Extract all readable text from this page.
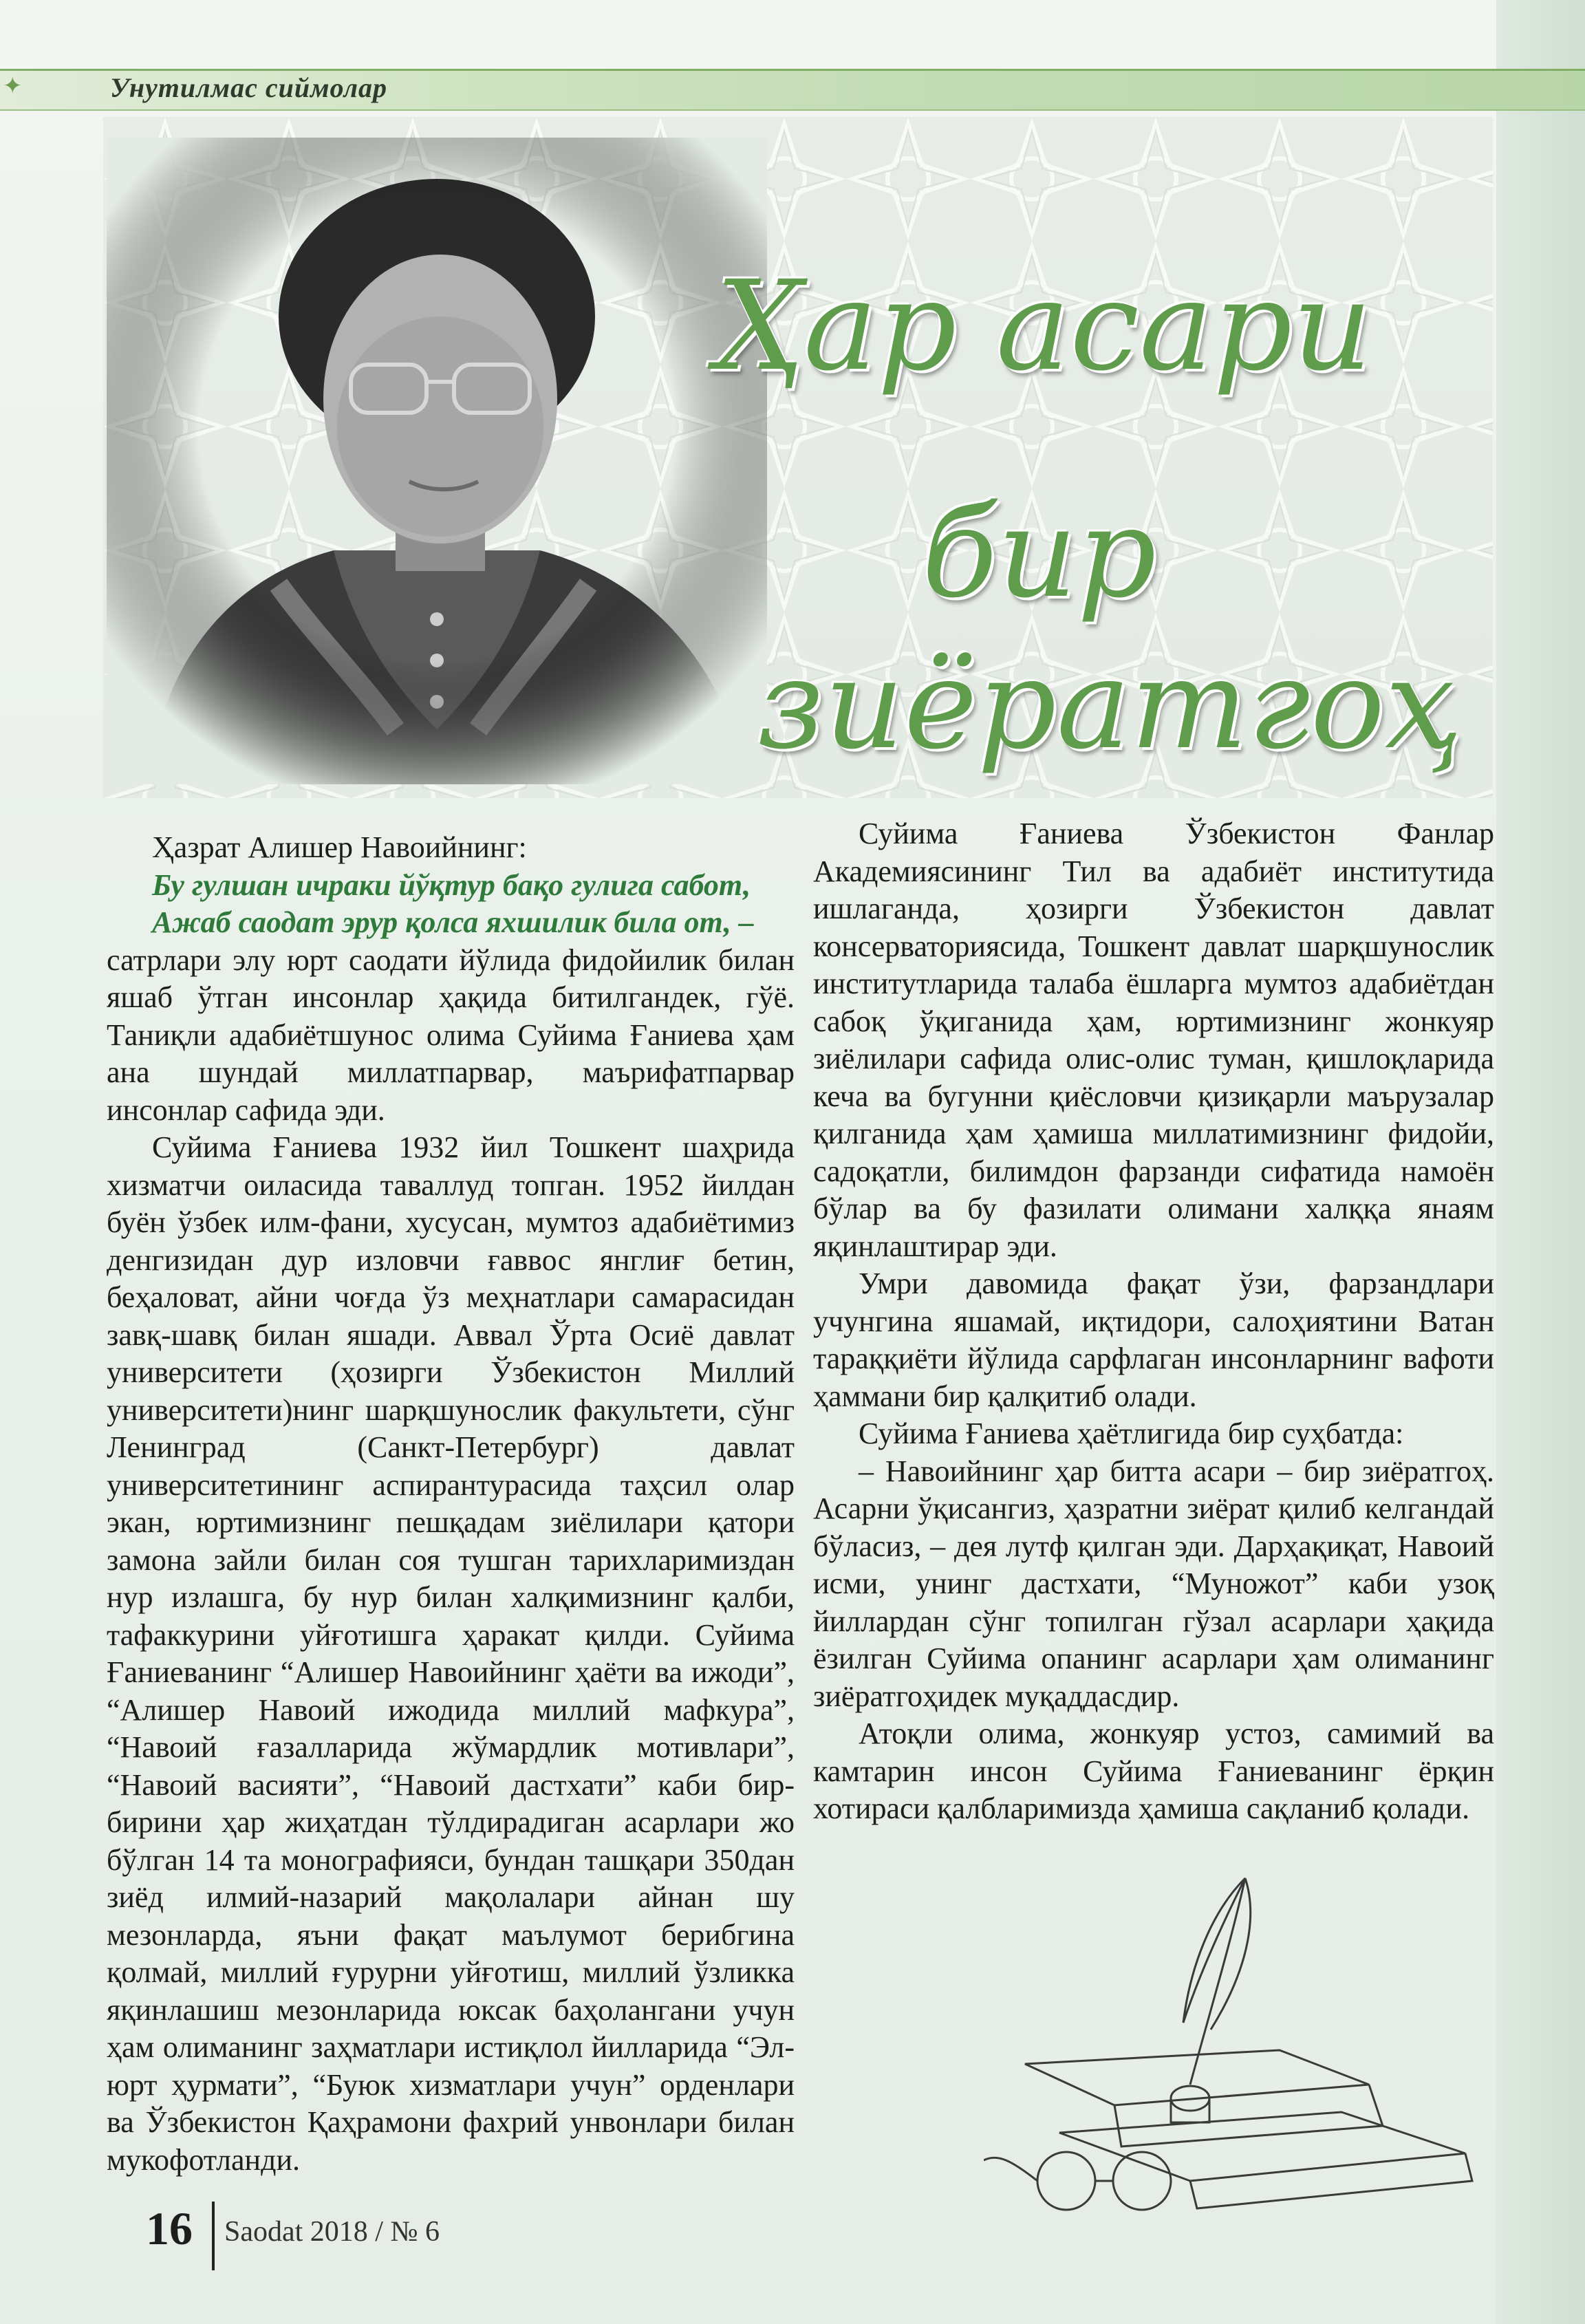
✦	Унутилмас сиймолар
Ҳар асари
бир
зиёратгоҳ

Ҳазрат Алишер Навоийнинг:

Бу гулшан ичраки йўқтур бақо гулига сабот,

Ажаб саодат эрур қолса яхшилик била от, –

сатрлари элу юрт саодати йўлида фидойилик билан яшаб ўтган инсонлар ҳақида битилгандек, гўё. Таниқли адабиётшунос олима Суйима Ғаниева ҳам ана шундай миллатпарвар, маърифатпарвар инсонлар сафида эди.

Суйима Ғаниева 1932 йил Тошкент шаҳрида хизматчи оиласида таваллуд топган. 1952 йилдан буён ўзбек илм-фани, хусусан, мумтоз адабиётимиз денгизидан дур изловчи ғаввос янглиғ бетин, беҳаловат, айни чоғда ўз меҳнатлари самарасидан завқ-шавқ билан яшади. Аввал Ўрта Осиё давлат университети (ҳозирги Ўзбекистон Миллий университети)нинг шарқшунослик факультети, сўнг Ленинград (Санкт-Петербург) давлат университетининг аспирантурасида таҳсил олар экан, юртимизнинг пешқадам зиёлилари қатори замона зайли билан соя тушган тарихларимиздан нур излашга, бу нур билан халқимизнинг қалби, тафаккурини уйғотишга ҳаракат қилди. Суйима Ғаниеванинг “Алишер Навоийнинг ҳаёти ва ижоди”, “Алишер Навоий ижодида миллий мафкура”, “Навоий ғазалларида жўмардлик мотивлари”, “Навоий васияти”, “Навоий дастхати” каби бир-бирини ҳар жиҳатдан тўлдирадиган асарлари жо бўлган 14 та монографияси, бундан ташқари 350дан зиёд илмий-назарий мақолалари айнан шу мезонларда, яъни фақат маълумот берибгина қолмай, миллий ғурурни уйғотиш, миллий ўзликка яқинлашиш мезонларида юксак баҳолангани учун ҳам олиманинг заҳматлари истиқлол йилларида “Эл-юрт ҳурмати”, “Буюк хизматлари учун” орденлари ва Ўзбекистон Қаҳрамони фахрий унвонлари билан мукофотланди.

Суйима Ғаниева Ўзбекистон Фанлар Академиясининг Тил ва адабиёт институтида ишлаганда, ҳозирги Ўзбекистон давлат консерваториясида, Тошкент давлат шарқшунослик институтларида талаба ёшларга мумтоз адабиётдан сабоқ ўқиганида ҳам, юртимизнинг жонкуяр зиёлилари сафида олис-олис туман, қишлоқларида кеча ва бугунни қиёсловчи қизиқарли маърузалар қилганида ҳам ҳамиша миллатимизнинг фидойи, садоқатли, билимдон фарзанди сифатида намоён бўлар ва бу фазилати олимани халққа янаям яқинлаштирар эди.

Умри давомида фақат ўзи, фарзандлари учунгина яшамай, иқтидори, салоҳиятини Ватан тараққиёти йўлида сарфлаган инсонларнинг вафоти ҳаммани бир қалқитиб олади.

Суйима Ғаниева ҳаётлигида бир суҳбатда:

– Навоийнинг ҳар битта асари – бир зиёратгоҳ. Асарни ўқисангиз, ҳазратни зиёрат қилиб келгандай бўласиз, – дея лутф қилган эди. Дарҳақиқат, Навоий исми, унинг дастхати, “Муножот” каби узоқ йиллардан сўнг топилган гўзал асарлари ҳақида ёзилган Суйима опанинг асарлари ҳам олиманинг зиёратгоҳидек муқаддасдир.

Атоқли олима, жонкуяр устоз, самимий ва камтарин инсон Суйима Ғаниеванинг ёрқин хотираси қалбларимизда ҳамиша сақланиб қолади.

16 Saodat 2018 / № 6
